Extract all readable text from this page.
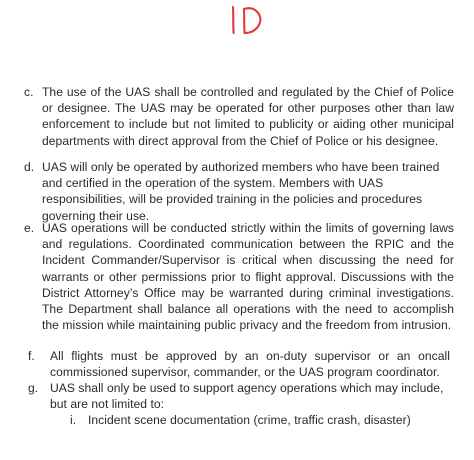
c. The use of the UAS shall be controlled and regulated by the Chief of Police or designee. The UAS may be operated for other purposes other than law enforcement to include but not limited to publicity or aiding other municipal departments with direct approval from the Chief of Police or his designee.
d. UAS will only be operated by authorized members who have been trained and certified in the operation of the system. Members with UAS responsibilities, will be provided training in the policies and procedures governing their use.
e. UAS operations will be conducted strictly within the limits of governing laws and regulations. Coordinated communication between the RPIC and the Incident Commander/Supervisor is critical when discussing the need for warrants or other permissions prior to flight approval. Discussions with the District Attorney’s Office may be warranted during criminal investigations. The Department shall balance all operations with the need to accomplish the mission while maintaining public privacy and the freedom from intrusion.
f.	All flights must be approved by an on-duty supervisor or an oncall commissioned supervisor, commander, or the UAS program coordinator.
g. UAS shall only be used to support agency operations which may include, but are not limited to:
i. Incident scene documentation (crime, traffic crash, disaster)
